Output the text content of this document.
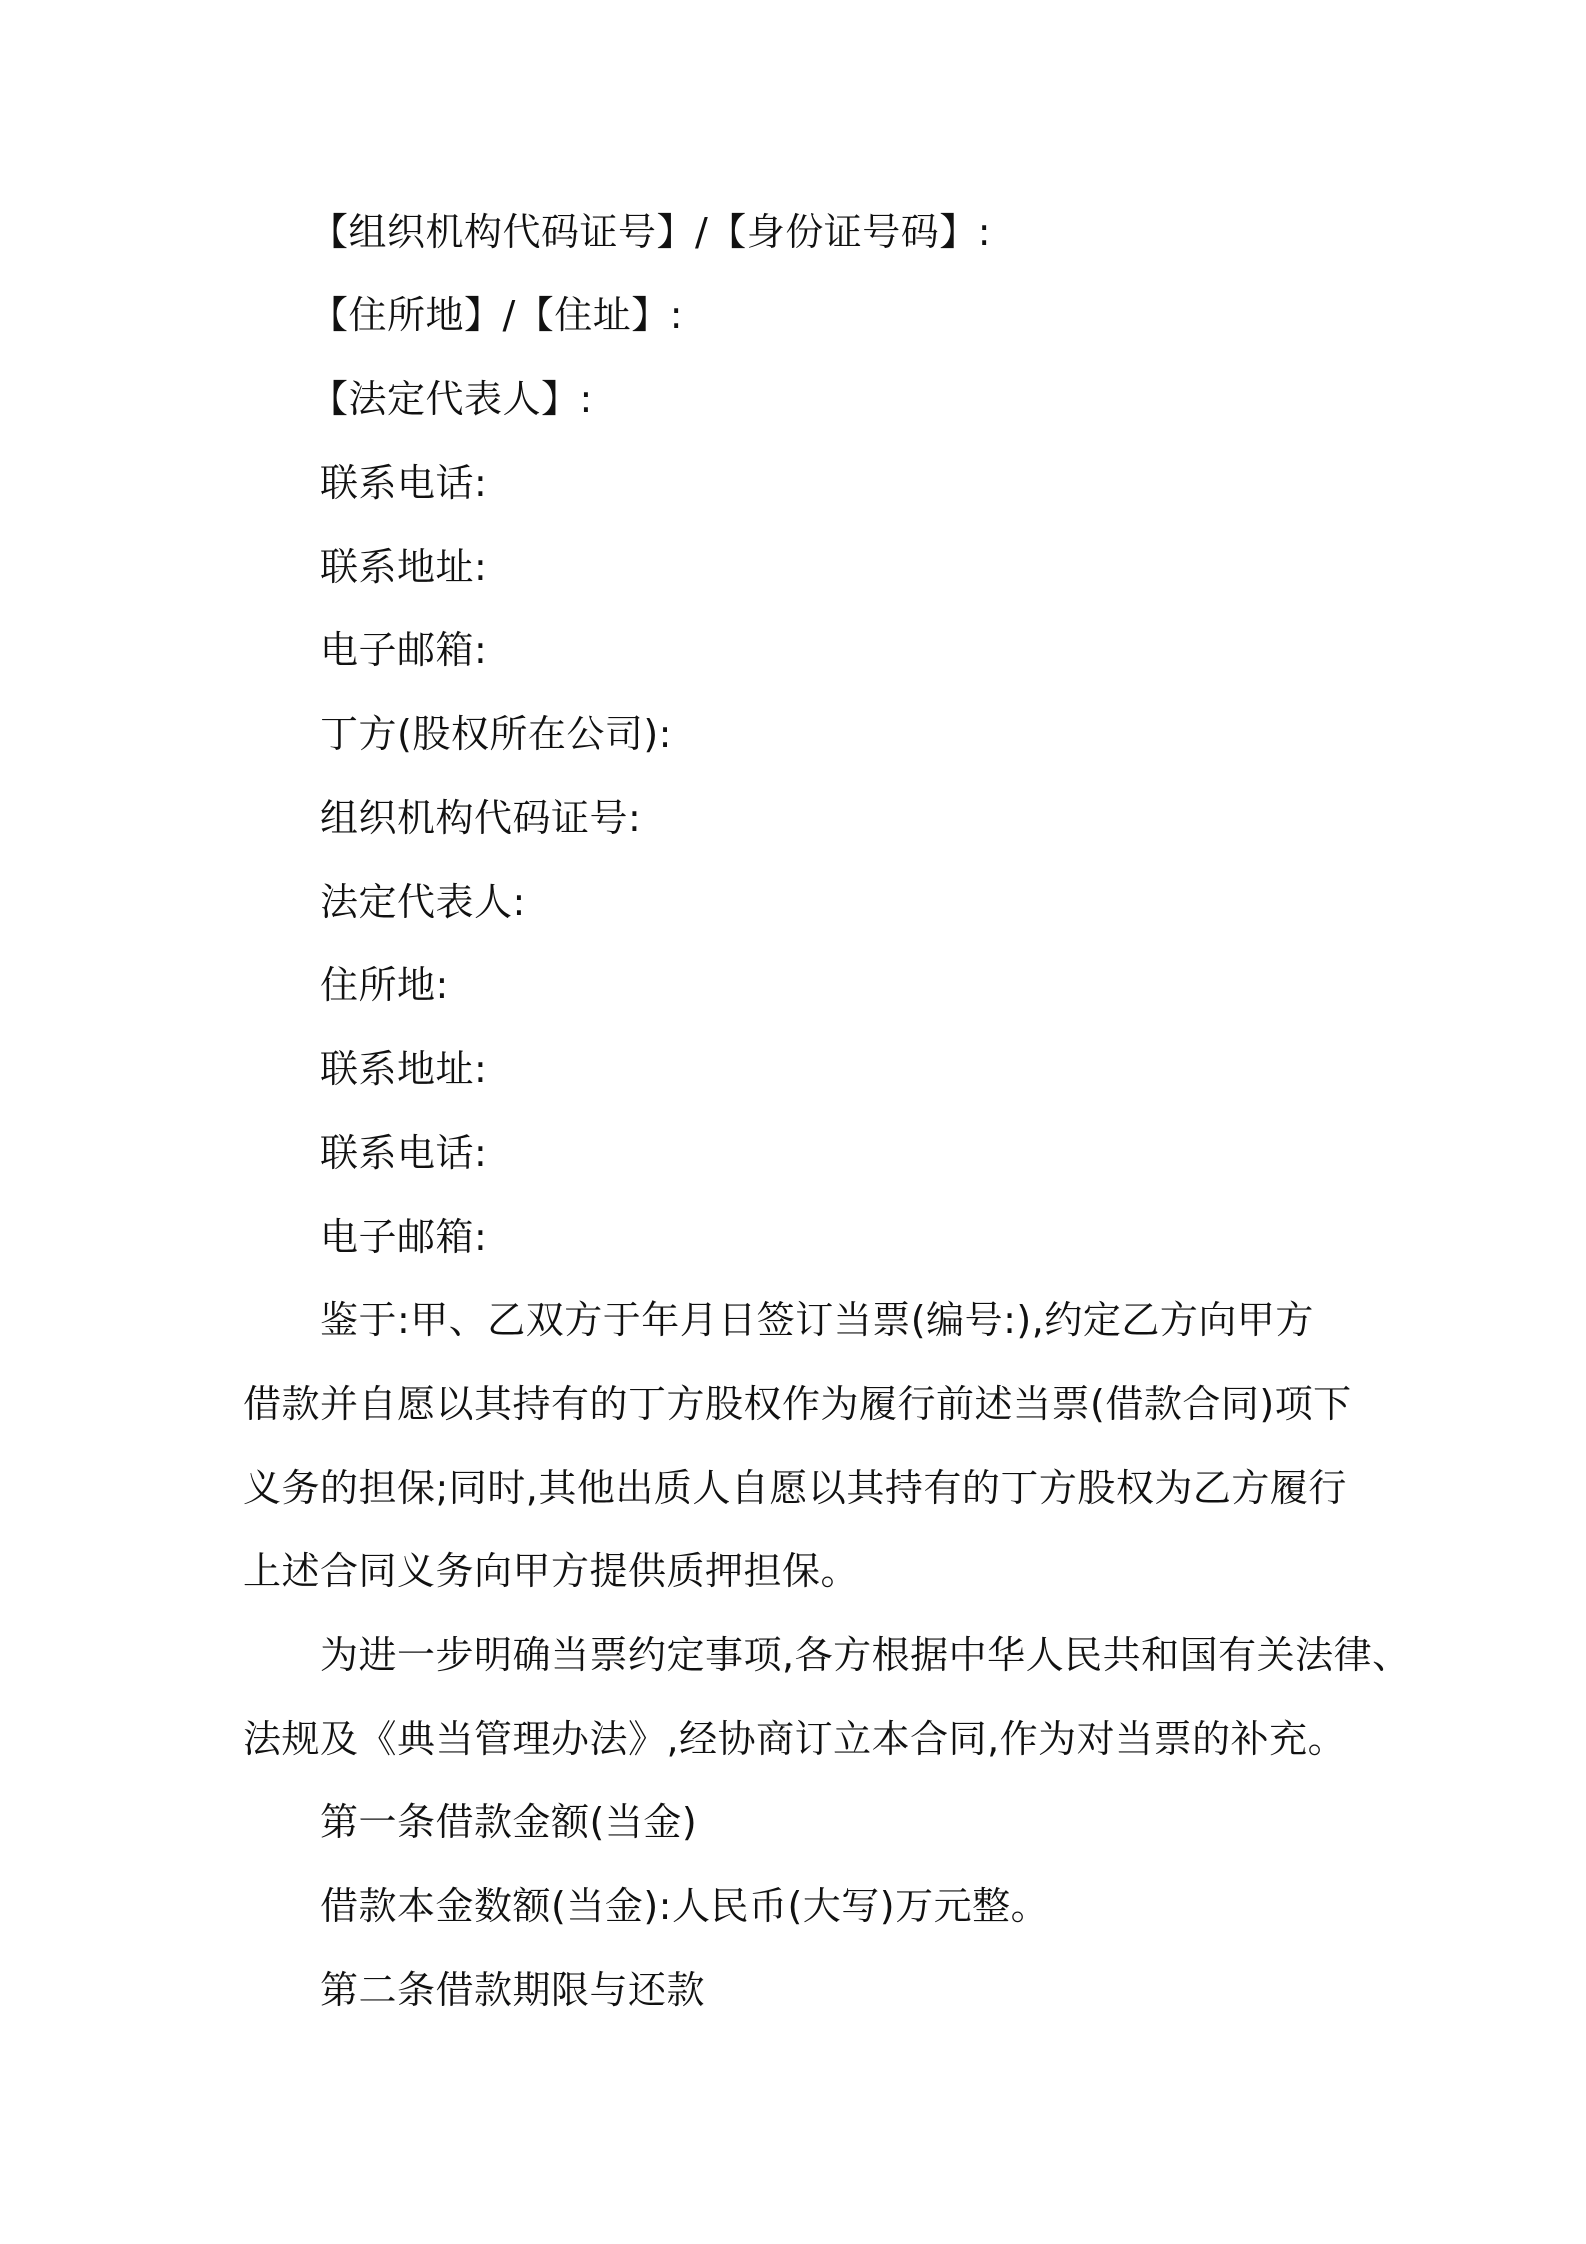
【组织机构代码证号】/【身份证号码】:
【住所地】/【住址】:
【法定代表人】:
联系电话:
联系地址:
电子邮箱:
丁方(股权所在公司):
组织机构代码证号:
法定代表人:
住所地:
联系地址:
联系电话:
电子邮箱:
鉴于:甲、乙双方于年月日签订当票(编号:),约定乙方向甲方
借款并自愿以其持有的丁方股权作为履行前述当票(借款合同)项下
义务的担保;同时,其他出质人自愿以其持有的丁方股权为乙方履行
上述合同义务向甲方提供质押担保。
为进一步明确当票约定事项,各方根据中华人民共和国有关法律、
法规及《典当管理办法》,经协商订立本合同,作为对当票的补充。
第一条借款金额(当金)
借款本金数额(当金):人民币(大写)万元整。
第二条借款期限与还款
